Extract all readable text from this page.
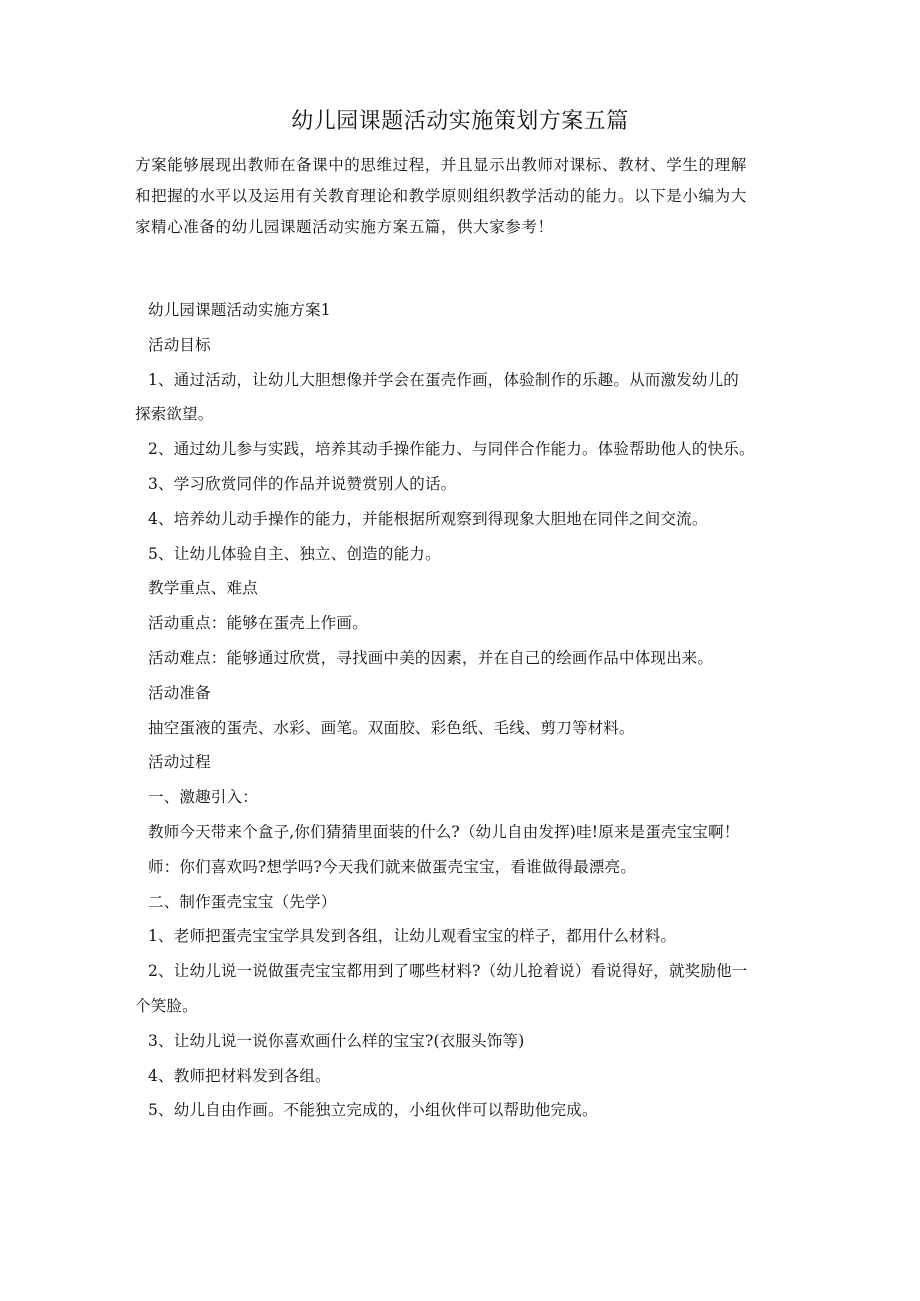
幼儿园课题活动实施策划方案五篇

方案能够展现出教师在备课中的思维过程，并且显示出教师对课标、教材、学生的理解

和把握的水平以及运用有关教育理论和教学原则组织教学活动的能力。以下是小编为大

家精心准备的幼儿园课题活动实施方案五篇，供大家参考！

幼儿园课题活动实施方案1

活动目标

1、通过活动，让幼儿大胆想像并学会在蛋壳作画，体验制作的乐趣。从而激发幼儿的

探索欲望。

2、通过幼儿参与实践，培养其动手操作能力、与同伴合作能力。体验帮助他人的快乐。

3、学习欣赏同伴的作品并说赞赏别人的话。

4、培养幼儿动手操作的能力，并能根据所观察到得现象大胆地在同伴之间交流。

5、让幼儿体验自主、独立、创造的能力。

教学重点、难点

活动重点：能够在蛋壳上作画。

活动难点：能够通过欣赏，寻找画中美的因素，并在自己的绘画作品中体现出来。

活动准备

抽空蛋液的蛋壳、水彩、画笔。双面胶、彩色纸、毛线、剪刀等材料。

活动过程

一、激趣引入：

教师今天带来个盒子,你们猜猜里面装的什么?（幼儿自由发挥)哇!原来是蛋壳宝宝啊！

师：你们喜欢吗?想学吗?今天我们就来做蛋壳宝宝，看谁做得最漂亮。

二、制作蛋壳宝宝（先学）

1、老师把蛋壳宝宝学具发到各组，让幼儿观看宝宝的样子，都用什么材料。

2、让幼儿说一说做蛋壳宝宝都用到了哪些材料?（幼儿抢着说）看说得好，就奖励他一

个笑脸。

3、让幼儿说一说你喜欢画什么样的宝宝?(衣服头饰等)

4、教师把材料发到各组。

5、幼儿自由作画。不能独立完成的，小组伙伴可以帮助他完成。
